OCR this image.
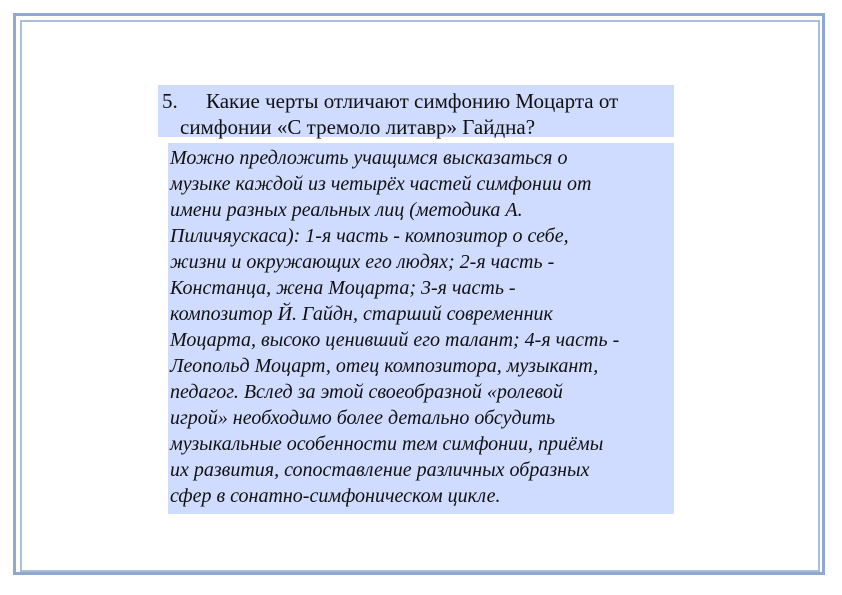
5. Какие черты отличают симфонию Моцарта от
симфонии «С тремоло литавр» Гайдна?
Можно предложить учащимся высказаться о
музыке каждой из четырёх частей симфонии от
имени разных реальных лиц (методика А.
Пиличяускаса): 1-я часть - композитор о себе,
жизни и окружающих его людях; 2-я часть -
Констанца, жена Моцарта; 3-я часть -
композитор Й. Гайдн, старший современник
Моцарта, высоко ценивший его талант; 4-я часть -
Леопольд Моцарт, отец композитора, музыкант,
педагог. Вслед за этой своеобразной «ролевой
игрой» необходимо более детально обсудить
музыкальные особенности тем симфонии, приёмы
их развития, сопоставление различных образных
сфер в сонатно-симфоническом цикле.
